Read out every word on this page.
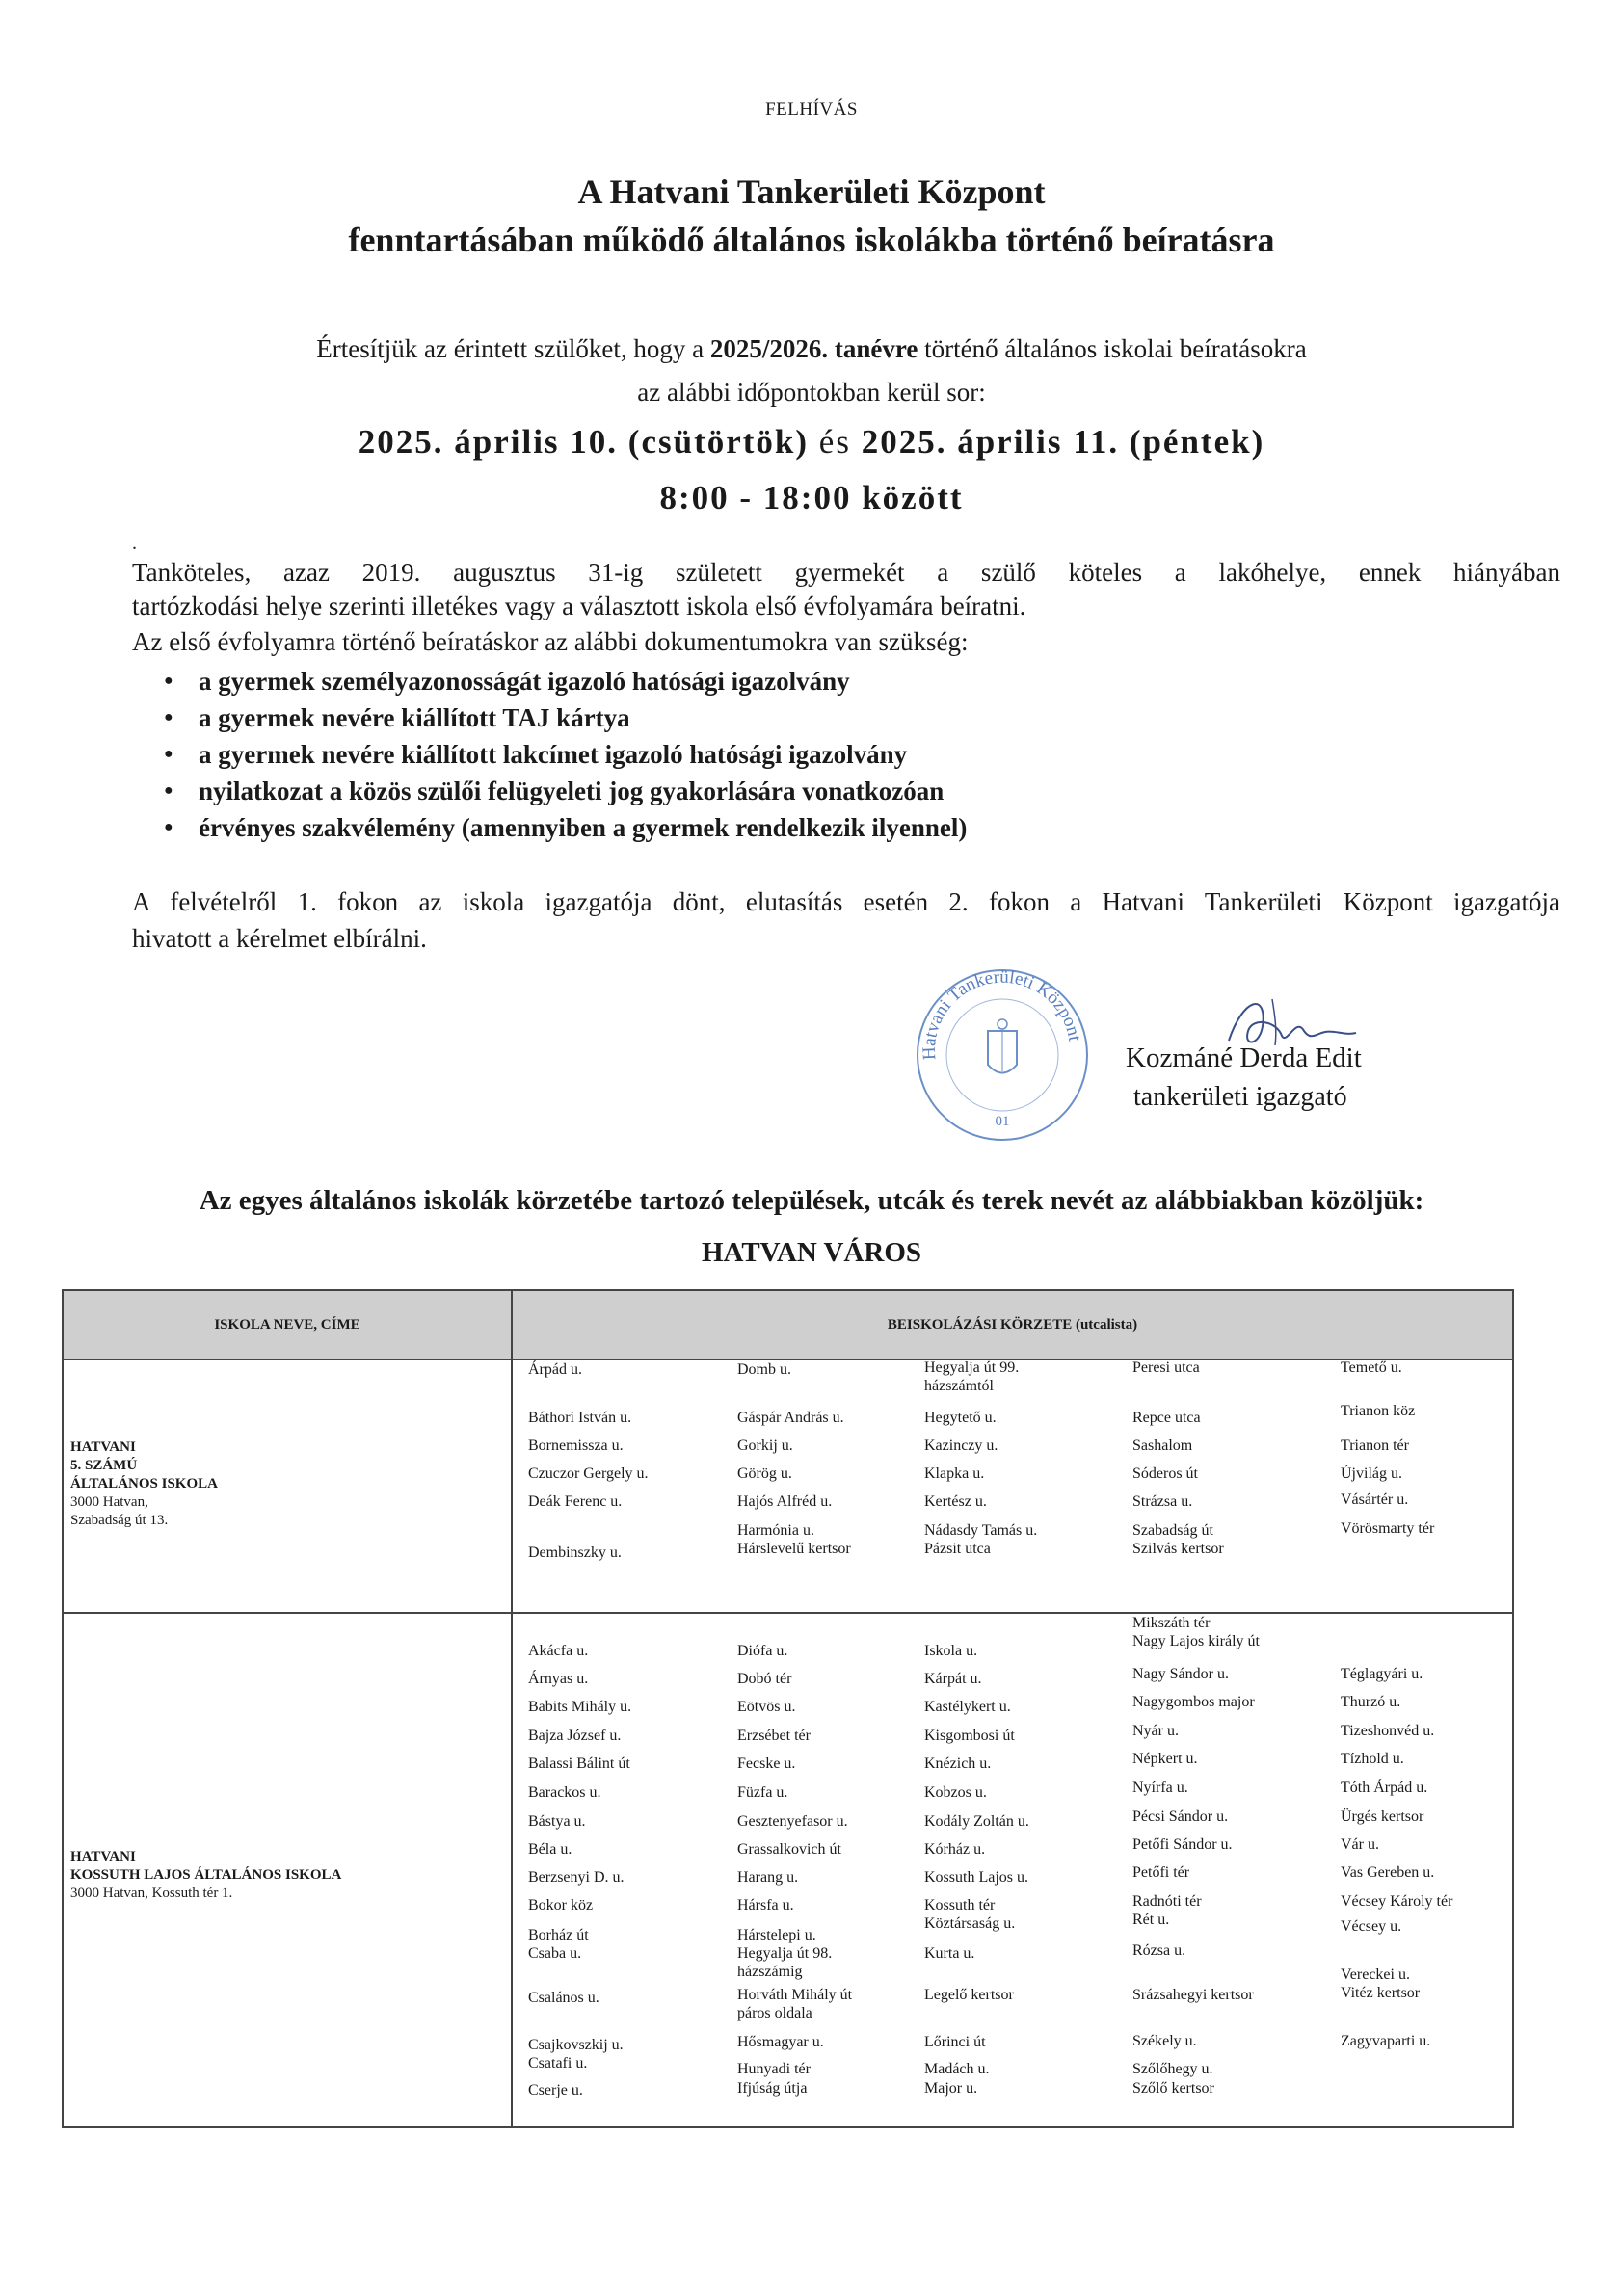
FELHÍVÁS
A Hatvani Tankerületi Központ
fenntartásában működő általános iskolákba történő beíratásra
Értesítjük az érintett szülőket, hogy a 2025/2026. tanévre történő általános iskolai beíratásokra
az alábbi időpontokban kerül sor:
2025. április 10. (csütörtök) és 2025. április 11. (péntek)
8:00 - 18:00 között
.
Tanköteles, azaz 2019. augusztus 31-ig született gyermekét a szülő köteles a lakóhelye, ennek hiányában
tartózkodási helye szerinti illetékes vagy a választott iskola első évfolyamára beíratni.
Az első évfolyamra történő beíratáskor az alábbi dokumentumokra van szükség:
● a gyermek személyazonosságát igazoló hatósági igazolvány
● a gyermek nevére kiállított TAJ kártya
● a gyermek nevére kiállított lakcímet igazoló hatósági igazolvány
● nyilatkozat a közös szülői felügyeleti jog gyakorlására vonatkozóan
● érvényes szakvélemény (amennyiben a gyermek rendelkezik ilyennel)
A felvételről 1. fokon az iskola igazgatója dönt, elutasítás esetén 2. fokon a Hatvani Tankerületi Központ igazgatója
hivatott a kérelmet elbírálni.
Hatvani Tankerületi Központ
01
Kozmáné Derda Edit
tankerületi igazgató
Az egyes általános iskolák körzetébe tartozó települések, utcák és terek nevét az alábbiakban közöljük:
HATVAN VÁROS
ISKOLA NEVE, CÍME	BEISKOLÁZÁSI KÖRZETE (utcalista)
HATVANI
5. SZÁMÚ
ÁLTALÁNOS ISKOLA
3000 Hatvan,
Szabadság út 13.
Árpád u.
Báthori István u.
Bornemissza u.
Czuczor Gergely u.
Deák Ferenc u.
Dembinszky u.
Domb u.
Gáspár András u.
Gorkij u.
Görög u.
Hajós Alfréd u.
Harmónia u.
Hárslevelű kertsor
Hegyalja út 99.
házszámtól
Hegytető u.
Kazinczy u.
Klapka u.
Kertész u.
Nádasdy Tamás u.
Pázsit utca
Peresi utca
Repce utca
Sashalom
Sóderos út
Strázsa u.
Szabadság út
Szilvás kertsor
Temető u.
Trianon köz
Trianon tér
Újvilág u.
Vásártér u.
Vörösmarty tér
HATVANI
KOSSUTH LAJOS ÁLTALÁNOS ISKOLA
3000 Hatvan, Kossuth tér 1.
Akácfa u.
Árnyas u.
Babits Mihály u.
Bajza József u.
Balassi Bálint út
Barackos u.
Bástya u.
Béla u.
Berzsenyi D. u.
Bokor köz
Borház út
Csaba u.
Csalános u.
Csajkovszkij u.
Csatafi u.
Cserje u.
Diófa u.
Dobó tér
Eötvös u.
Erzsébet tér
Fecske u.
Füzfa u.
Gesztenyefasor u.
Grassalkovich út
Harang u.
Hársfa u.
Hárstelepi u.
Hegyalja út 98.
házszámig
Horváth Mihály út
páros oldala
Hősmagyar u.
Hunyadi tér
Ifjúság útja
Iskola u.
Kárpát u.
Kastélykert u.
Kisgombosi út
Knézich u.
Kobzos u.
Kodály Zoltán u.
Kórház u.
Kossuth Lajos u.
Kossuth tér
Köztársaság u.
Kurta u.
Legelő kertsor
Lőrinci út
Madách u.
Major u.
Mikszáth tér
Nagy Lajos király út
Nagy Sándor u.
Nagygombos major
Nyár u.
Népkert u.
Nyírfa u.
Pécsi Sándor u.
Petőfi Sándor u.
Petőfi tér
Radnóti tér
Rét u.
Rózsa u.
Srázsahegyi kertsor
Székely u.
Szőlőhegy u.
Szőlő kertsor
Téglagyári u.
Thurzó u.
Tizeshonvéd u.
Tízhold u.
Tóth Árpád u.
Ürgés kertsor
Vár u.
Vas Gereben u.
Vécsey Károly tér
Vécsey u.
Vereckei u.
Vitéz kertsor
Zagyvaparti u.
